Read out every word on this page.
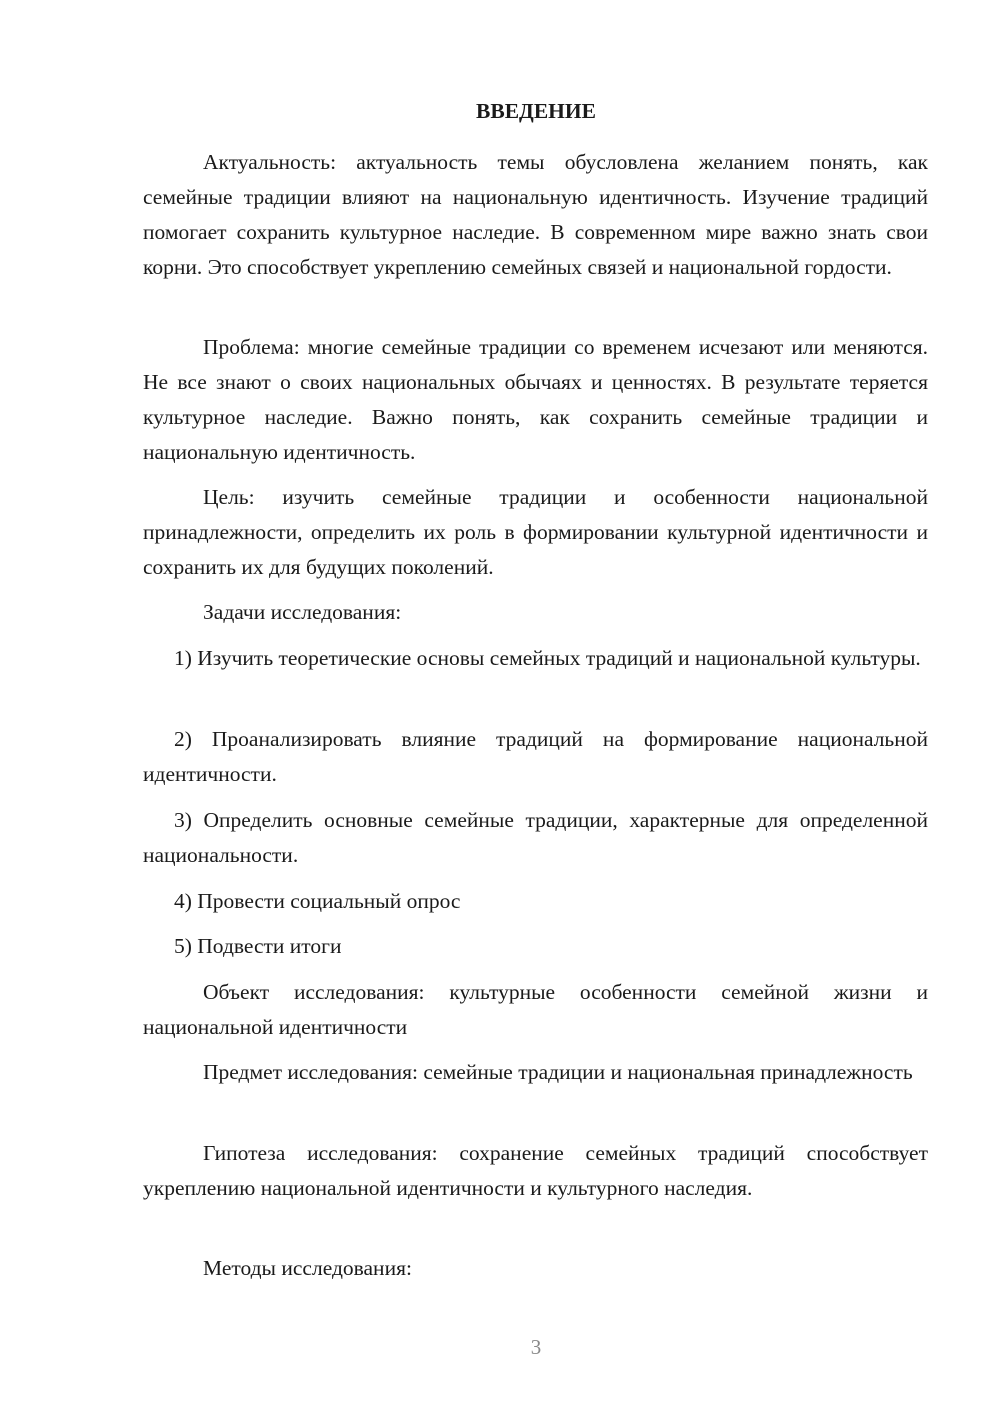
ВВЕДЕНИЕ

Актуальность: актуальность темы обусловлена желанием понять, как семейные традиции влияют на национальную идентичность. Изучение традиций помогает сохранить культурное наследие. В современном мире важно знать свои корни. Это способствует укреплению семейных связей и национальной гордости.

Проблема: многие семейные традиции со временем исчезают или меняются. Не все знают о своих национальных обычаях и ценностях. В результате теряется культурное наследие. Важно понять, как сохранить семейные традиции и национальную идентичность.

Цель: изучить семейные традиции и особенности национальной принадлежности, определить их роль в формировании культурной идентичности и сохранить их для будущих поколений.

Задачи исследования:

1) Изучить теоретические основы семейных традиций и национальной культуры.

2) Проанализировать влияние традиций на формирование национальной идентичности.

3) Определить основные семейные традиции, характерные для определенной национальности.

4) Провести социальный опрос

5) Подвести итоги

Объект исследования: культурные особенности семейной жизни и национальной идентичности

Предмет исследования: семейные традиции и национальная принадлежность

Гипотеза исследования: сохранение семейных традиций способствует укреплению национальной идентичности и культурного наследия.

Методы исследования:

3
